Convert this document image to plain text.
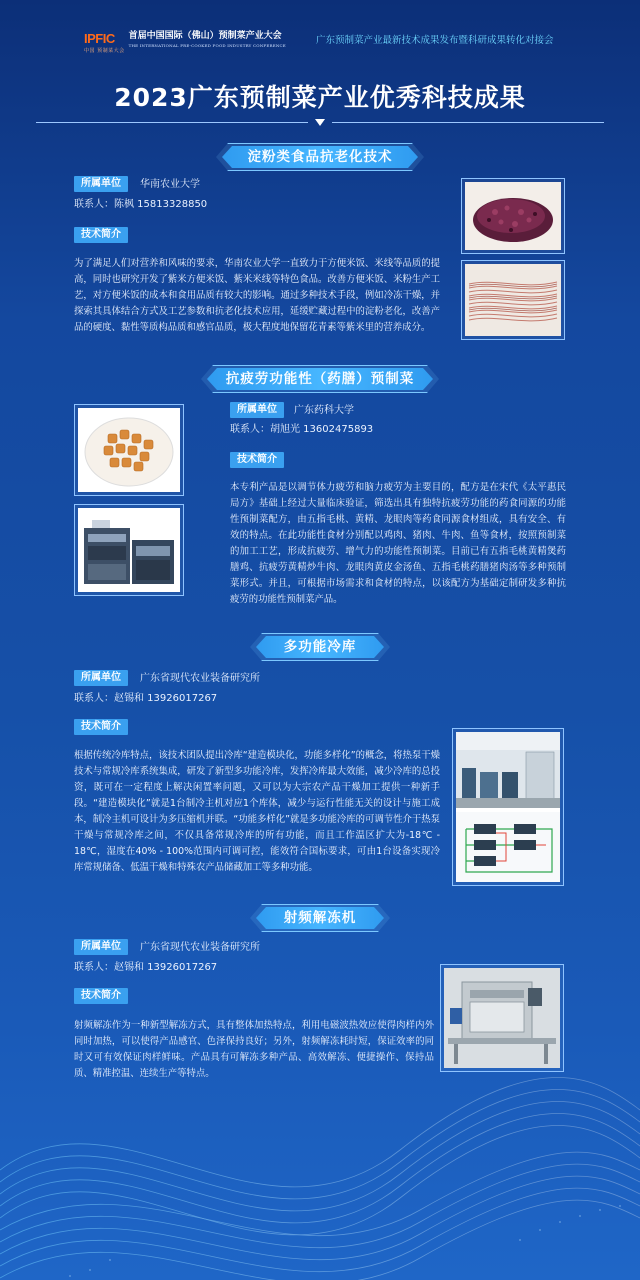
IPFIC
中国 预制菜大会
首届中国国际（佛山）预制菜产业大会
THE INTERNATIONAL PRE-COOKED FOOD INDUSTRY CONFERENCE	广东预制菜产业最新技术成果发布暨科研成果转化对接会
2023广东预制菜产业优秀科技成果
淀粉类食品抗老化技术
所属单位	华南农业大学
联系人：陈枫 15813328850
技术简介
为了满足人们对营养和风味的要求，华南农业大学一直致力于方便米饭、米线等品质的提高，同时也研究开发了紫米方便米饭、紫米米线等特色食品。改善方便米饭、米粉生产工艺，对方便米饭的成本和食用品质有较大的影响。通过多种技术手段，例如冷冻干燥，并探索其具体结合方式及工艺参数和抗老化技术应用，延缓贮藏过程中的淀粉老化，改善产品的硬度、黏性等质构品质和感官品质，极大程度地保留花青素等紫米里的营养成分。
抗疲劳功能性（药膳）预制菜
所属单位	广东药科大学
联系人：胡旭光 13602475893
技术简介
本专利产品是以调节体力疲劳和脑力疲劳为主要目的，配方是在宋代《太平惠民局方》基础上经过大量临床验证，筛选出具有独特抗疲劳功能的药食同源的功能性预制菜配方，由五指毛桃、黄精、龙眼肉等药食同源食材组成，具有安全、有效的特点。在此功能性食材分别配以鸡肉、猪肉、牛肉、鱼等食材，按照预制菜的加工工艺，形成抗疲劳、增气力的功能性预制菜。目前已有五指毛桃黄精煲药膳鸡、抗疲劳黄精炒牛肉、龙眼肉黄皮金汤鱼、五指毛桃药膳猪肉汤等多种预制菜形式。并且，可根据市场需求和食材的特点，以该配方为基础定制研发多种抗疲劳的功能性预制菜产品。
多功能冷库
所属单位	广东省现代农业装备研究所
联系人：赵锡和 13926017267
技术简介
根据传统冷库特点，该技术团队提出冷库“建造模块化，功能多样化”的概念，将热泵干燥技术与常规冷库系统集成，研发了新型多功能冷库，发挥冷库最大效能，减少冷库的总投资，既可在一定程度上解决闲置率问题，又可以为大宗农产品干燥加工提供一种新手段。“建造模块化”就是1台制冷主机对应1个库体，减少与运行性能无关的设计与施工成本，制冷主机可设计为多压缩机并联。“功能多样化”就是多功能冷库的可调节性介于热泵干燥与常规冷库之间，不仅具备常规冷库的所有功能，而且工作温区扩大为-18℃ - 18℃，湿度在40% - 100%范围内可调可控，能效符合国标要求，可由1台设备实现冷库常规储备、低温干燥和特殊农产品储藏加工等多种功能。
射频解冻机
所属单位	广东省现代农业装备研究所
联系人：赵锡和 13926017267
技术简介
射频解冻作为一种新型解冻方式，具有整体加热特点，利用电磁波热效应使得肉样内外同时加热，可以使得产品感官、色泽保持良好；另外，射频解冻耗时短，保证效率的同时又可有效保证肉样鲜味。产品具有可解冻多种产品、高效解冻、便捷操作、保持品质、精准控温、连续生产等特点。
